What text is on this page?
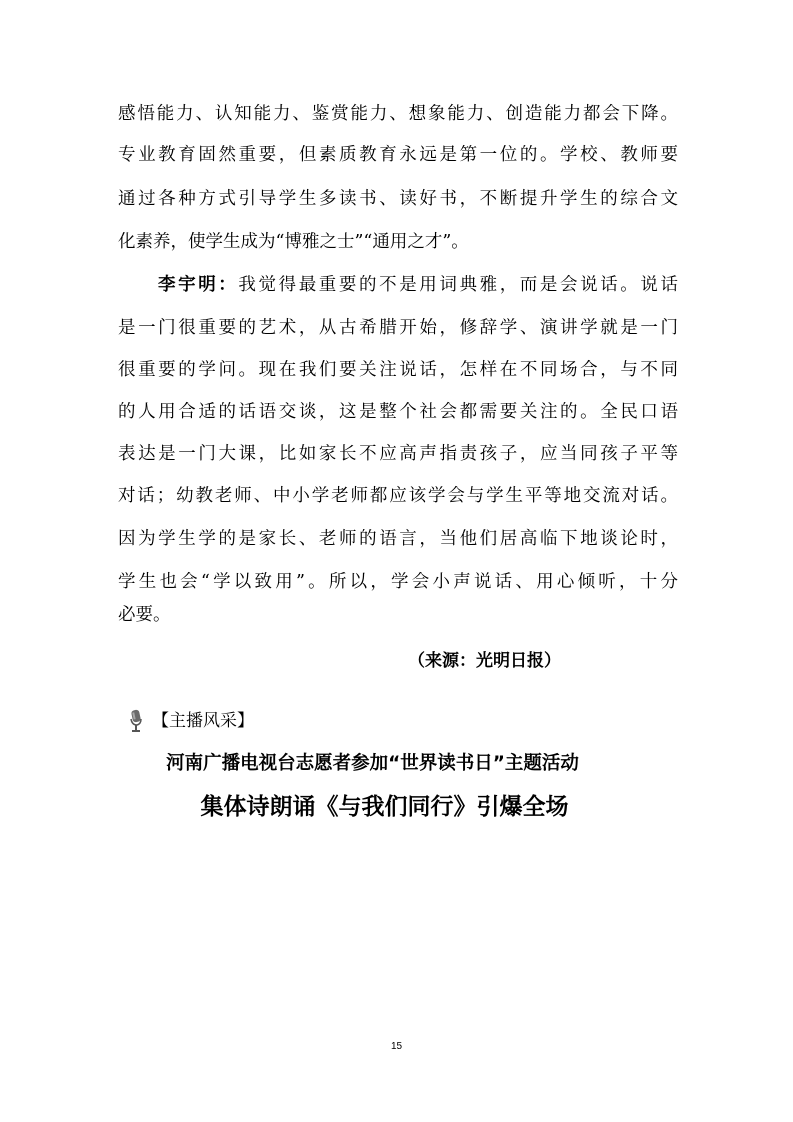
感悟能力、认知能力、鉴赏能力、想象能力、创造能力都会下降。
专业教育固然重要，但素质教育永远是第一位的。学校、教师要
通过各种方式引导学生多读书、读好书，不断提升学生的综合文
化素养，使学生成为“博雅之士”“通用之才”。
李宇明：我觉得最重要的不是用词典雅，而是会说话。说话
是一门很重要的艺术，从古希腊开始，修辞学、演讲学就是一门
很重要的学问。现在我们要关注说话，怎样在不同场合，与不同
的人用合适的话语交谈，这是整个社会都需要关注的。全民口语
表达是一门大课，比如家长不应高声指责孩子，应当同孩子平等
对话；幼教老师、中小学老师都应该学会与学生平等地交流对话。
因为学生学的是家长、老师的语言，当他们居高临下地谈论时，
学生也会“学以致用”。所以，学会小声说话、用心倾听，十分
必要。
（来源：光明日报）
【主播风采】
河南广播电视台志愿者参加“世界读书日”主题活动
集体诗朗诵《与我们同行》引爆全场
15
